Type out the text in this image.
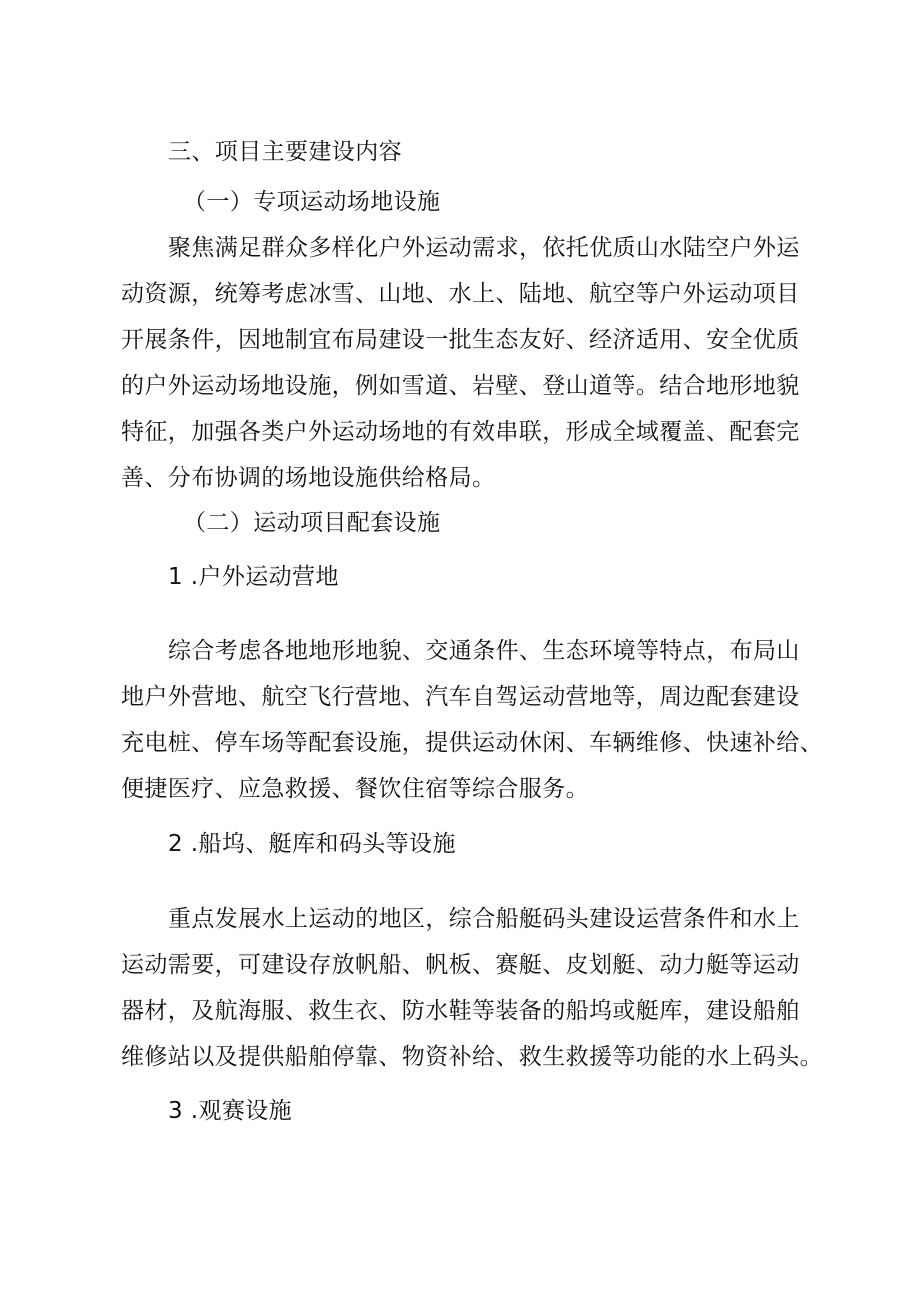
三、项目主要建设内容
（一）专项运动场地设施
聚焦满足群众多样化户外运动需求，依托优质山水陆空户外运
动资源，统筹考虑冰雪、山地、水上、陆地、航空等户外运动项目
开展条件，因地制宜布局建设一批生态友好、经济适用、安全优质
的户外运动场地设施，例如雪道、岩壁、登山道等。结合地形地貌
特征，加强各类户外运动场地的有效串联，形成全域覆盖、配套完
善、分布协调的场地设施供给格局。
（二）运动项目配套设施
1 .户外运动营地
综合考虑各地地形地貌、交通条件、生态环境等特点，布局山
地户外营地、航空飞行营地、汽车自驾运动营地等，周边配套建设
充电桩、停车场等配套设施，提供运动休闲、车辆维修、快速补给、
便捷医疗、应急救援、餐饮住宿等综合服务。
2 .船坞、艇库和码头等设施
重点发展水上运动的地区，综合船艇码头建设运营条件和水上
运动需要，可建设存放帆船、帆板、赛艇、皮划艇、动力艇等运动
器材，及航海服、救生衣、防水鞋等装备的船坞或艇库，建设船舶
维修站以及提供船舶停靠、物资补给、救生救援等功能的水上码头。
3 .观赛设施
